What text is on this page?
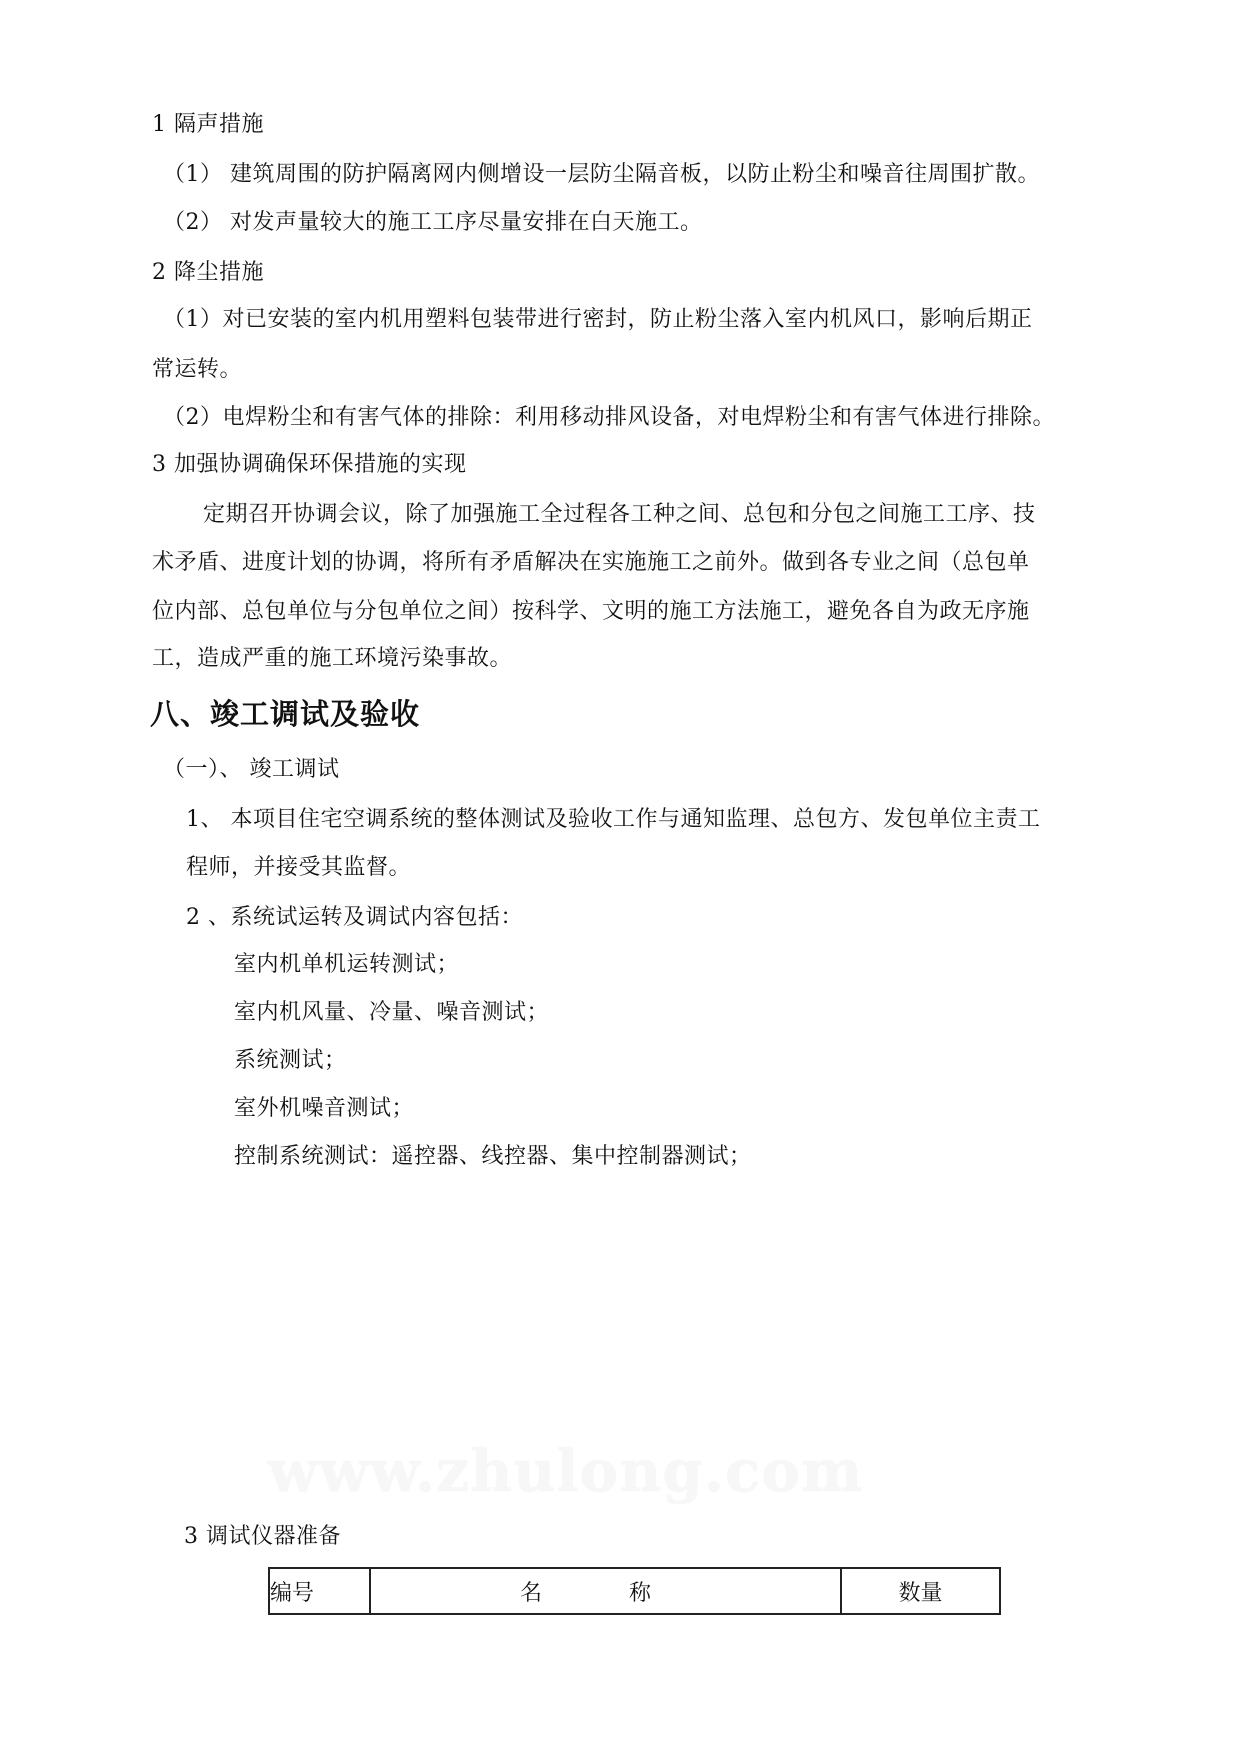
1 隔声措施
（1） 建筑周围的防护隔离网内侧增设一层防尘隔音板，以防止粉尘和噪音往周围扩散。
（2） 对发声量较大的施工工序尽量安排在白天施工。
2 降尘措施
（1）对已安装的室内机用塑料包装带进行密封，防止粉尘落入室内机风口，影响后期正
常运转。
（2）电焊粉尘和有害气体的排除：利用移动排风设备，对电焊粉尘和有害气体进行排除。
3 加强协调确保环保措施的实现
定期召开协调会议，除了加强施工全过程各工种之间、总包和分包之间施工工序、技
术矛盾、进度计划的协调，将所有矛盾解决在实施施工之前外。做到各专业之间（总包单
位内部、总包单位与分包单位之间）按科学、文明的施工方法施工，避免各自为政无序施
工，造成严重的施工环境污染事故。
八、竣工调试及验收
（一）、 竣工调试
1、 本项目住宅空调系统的整体测试及验收工作与通知监理、总包方、发包单位主责工
程师，并接受其监督。
2 、系统试运转及调试内容包括：
室内机单机运转测试；
室内机风量、冷量、噪音测试；
系统测试；
室外机噪音测试；
控制系统测试：遥控器、线控器、集中控制器测试；
www.zhulong.com
3 调试仪器准备
编号	名 称	数量
